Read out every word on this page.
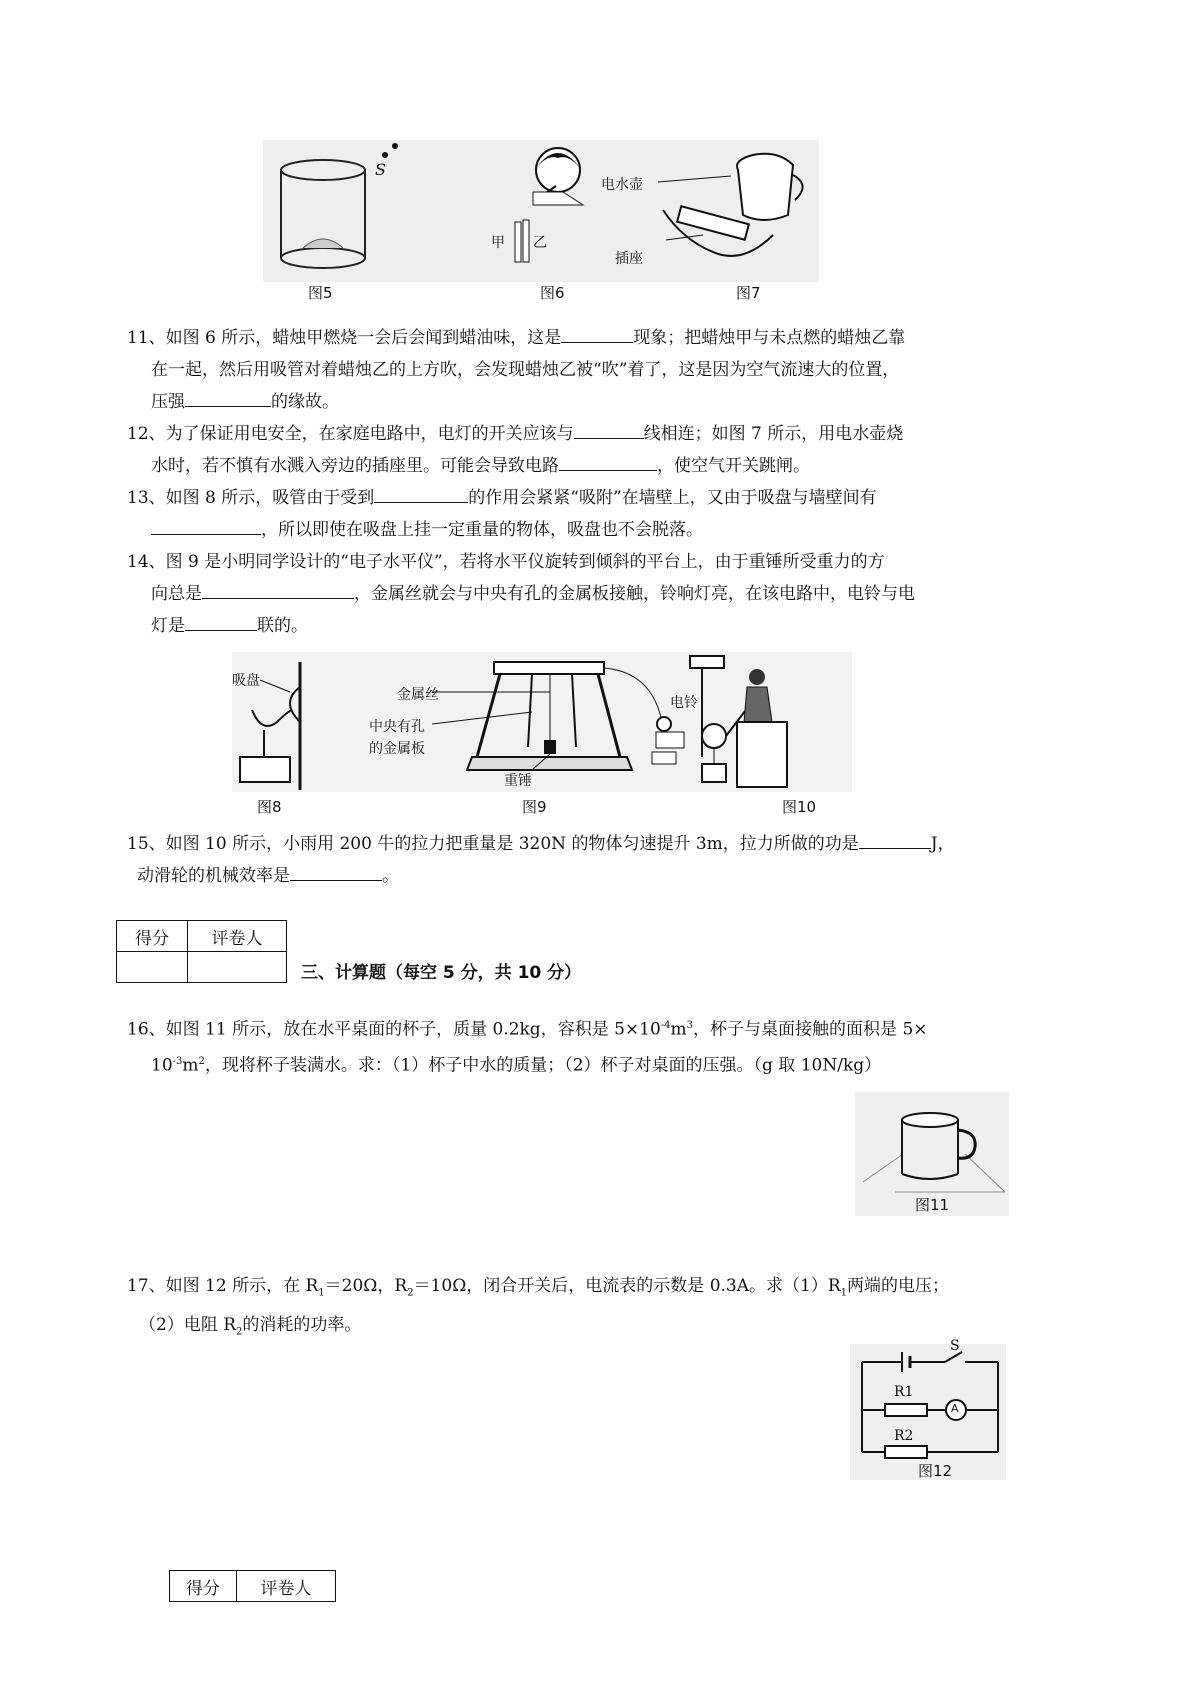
S
甲 乙
电水壶
插座
图5	图6	图7
11、如图 6 所示，蜡烛甲燃烧一会后会闻到蜡油味，这是	现象；把蜡烛甲与未点燃的蜡烛乙靠
在一起，然后用吸管对着蜡烛乙的上方吹，会发现蜡烛乙被“吹”着了，这是因为空气流速大的位置，
压强	的缘故。
12、为了保证用电安全，在家庭电路中，电灯的开关应该与	线相连；如图 7 所示，用电水壶烧
水时，若不慎有水溅入旁边的插座里。可能会导致电路	，使空气开关跳闸。
13、如图 8 所示，吸管由于受到	的作用会紧紧“吸附”在墙壁上，又由于吸盘与墙壁间有
，所以即使在吸盘上挂一定重量的物体，吸盘也不会脱落。
14、图 9 是小明同学设计的“电子水平仪”，若将水平仪旋转到倾斜的平台上，由于重锤所受重力的方
向总是	，金属丝就会与中央有孔的金属板接触，铃响灯亮，在该电路中，电铃与电
灯是	联的。
吸盘
金属丝
中央有孔
的金属板
电铃
重锤
图8	图9	图10
15、如图 10 所示，小雨用 200 牛的拉力把重量是 320N 的物体匀速提升 3m，拉力所做的功是	J，
动滑轮的机械效率是	。
得分	评卷人

三、计算题（每空 5 分，共 10 分）
16、如图 11 所示，放在水平桌面的杯子，质量 0.2kg，容积是 $5\times 10^{-4}m^3$，杯子与桌面接触的面积是 5×
$10^{-3}m^2$，现将杯子装满水。求：（1）杯子中水的质量；（2）杯子对桌面的压强。（g 取 10N/kg）
图11
17、如图 12 所示，在 $R_1=20\Omega$，$R_2=10\Omega$，闭合开关后，电流表的示数是 0.3A。求$(1)R_1$两端的电压；
（2）电阻 $R_2$的消耗的功率。
S
R1
A
R2
图12
得分	评卷人
